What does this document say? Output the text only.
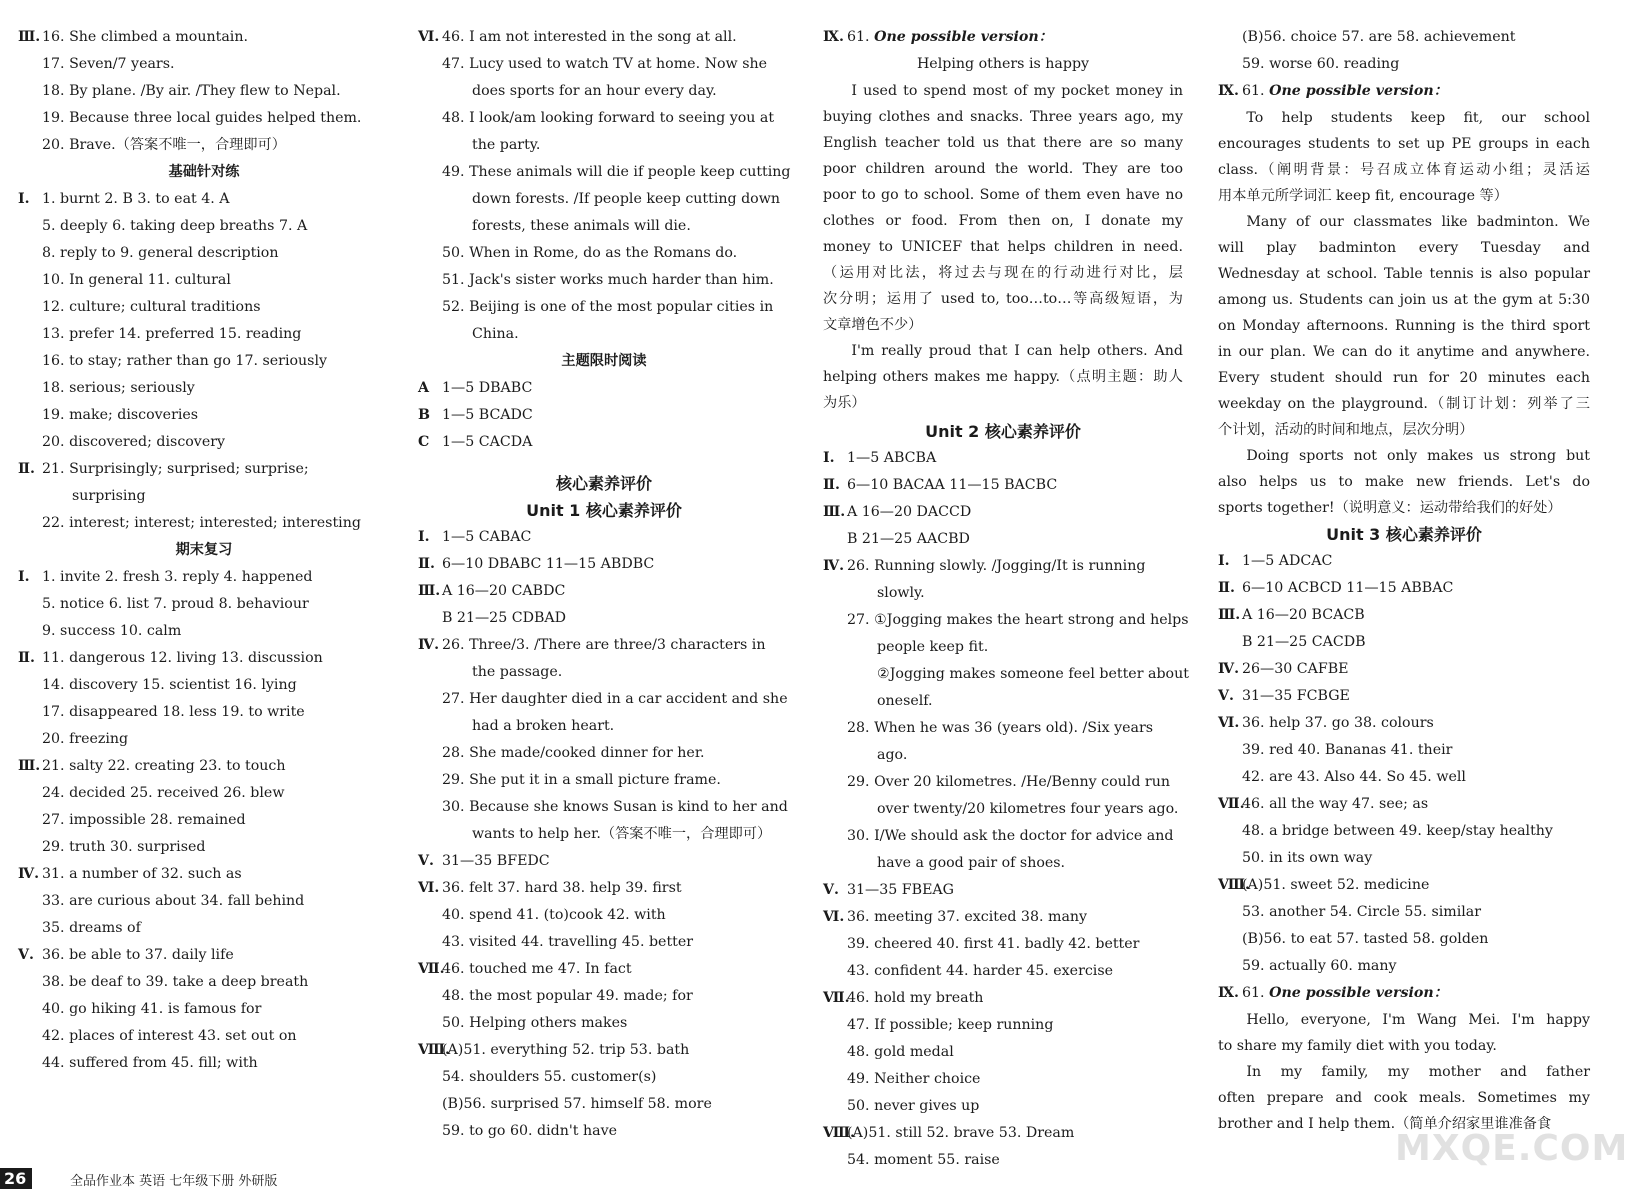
Ⅲ. 16. She climbed a mountain.
17. Seven/7 years.
18. By plane. /By air. /They flew to Nepal.
19. Because three local guides helped them.
20. Brave.（答案不唯一，合理即可）
基础针对练
Ⅰ. 1. burnt 2. B 3. to eat 4. A
5. deeply 6. taking deep breaths 7. A
8. reply to 9. general description
10. In general 11. cultural
12. culture; cultural traditions
13. prefer 14. preferred 15. reading
16. to stay; rather than go 17. seriously
18. serious; seriously
19. make; discoveries
20. discovered; discovery
Ⅱ. 21. Surprisingly; surprised; surprise;
surprising
22. interest; interest; interested; interesting
期末复习
Ⅰ. 1. invite 2. fresh 3. reply 4. happened
5. notice 6. list 7. proud 8. behaviour
9. success 10. calm
Ⅱ. 11. dangerous 12. living 13. discussion
14. discovery 15. scientist 16. lying
17. disappeared 18. less 19. to write
20. freezing
Ⅲ. 21. salty 22. creating 23. to touch
24. decided 25. received 26. blew
27. impossible 28. remained
29. truth 30. surprised
Ⅳ. 31. a number of 32. such as
33. are curious about 34. fall behind
35. dreams of
Ⅴ. 36. be able to 37. daily life
38. be deaf to 39. take a deep breath
40. go hiking 41. is famous for
42. places of interest 43. set out on
44. suffered from 45. fill; with
Ⅵ. 46. I am not interested in the song at all.
47. Lucy used to watch TV at home. Now she
does sports for an hour every day.
48. I look/am looking forward to seeing you at
the party.
49. These animals will die if people keep cutting
down forests. /If people keep cutting down
forests, these animals will die.
50. When in Rome, do as the Romans do.
51. Jack's sister works much harder than him.
52. Beijing is one of the most popular cities in
China.
主题限时阅读
A 1—5 DBABC
B 1—5 BCADC
C 1—5 CACDA
核心素养评价
Unit 1 核心素养评价
Ⅰ. 1—5 CABAC
Ⅱ. 6—10 DBABC 11—15 ABDBC
Ⅲ. A 16—20 CABDC
B 21—25 CDBAD
Ⅳ. 26. Three/3. /There are three/3 characters in
the passage.
27. Her daughter died in a car accident and she
had a broken heart.
28. She made/cooked dinner for her.
29. She put it in a small picture frame.
30. Because she knows Susan is kind to her and
wants to help her.（答案不唯一，合理即可）
Ⅴ. 31—35 BFEDC
Ⅵ. 36. felt 37. hard 38. help 39. first
40. spend 41. (to)cook 42. with
43. visited 44. travelling 45. better
Ⅶ.
46. touched me 47. In fact
48. the most popular 49. made; for
50. Helping others makes
Ⅷ.
(A)51. everything 52. trip 53. bath
54. shoulders 55. customer(s)
(B)56. surprised 57. himself 58. more
59. to go 60. didn't have
Ⅸ. 61. One possible version：
Helping others is happy
I used to spend most of my pocket money in
buying clothes and snacks. Three years ago, my
English teacher told us that there are so many
poor children around the world. They are too
poor to go to school. Some of them even have no
clothes or food. From then on, I donate my
money to UNICEF that helps children in need.
（运用对比法，将过去与现在的行动进行对比，层
次分明；运用了 used to, too…to…等高级短语，为
文章增色不少）
I'm really proud that I can help others. And
helping others makes me happy.（点明主题：助人
为乐）
Unit 2 核心素养评价
Ⅰ. 1—5 ABCBA
Ⅱ. 6—10 BACAA 11—15 BACBC
Ⅲ. A 16—20 DACCD
B 21—25 AACBD
Ⅳ. 26. Running slowly. /Jogging/It is running
slowly.
27. ①Jogging makes the heart strong and helps
people keep fit.
②Jogging makes someone feel better about
oneself.
28. When he was 36 (years old). /Six years
ago.
29. Over 20 kilometres. /He/Benny could run
over twenty/20 kilometres four years ago.
30. I/We should ask the doctor for advice and
have a good pair of shoes.
Ⅴ. 31—35 FBEAG
Ⅵ. 36. meeting 37. excited 38. many
39. cheered 40. first 41. badly 42. better
43. confident 44. harder 45. exercise
Ⅶ.
46. hold my breath
47. If possible; keep running
48. gold medal
49. Neither choice
50. never gives up
Ⅷ.
(A)51. still 52. brave 53. Dream
54. moment 55. raise
(B)56. choice 57. are 58. achievement
59. worse 60. reading
Ⅸ. 61. One possible version：
To help students keep fit, our school
encourages students to set up PE groups in each
class.（阐明背景：号召成立体育运动小组；灵活运
用本单元所学词汇 keep fit, encourage 等）
Many of our classmates like badminton. We
will play badminton every Tuesday and
Wednesday at school. Table tennis is also popular
among us. Students can join us at the gym at 5:30
on Monday afternoons. Running is the third sport
in our plan. We can do it anytime and anywhere.
Every student should run for 20 minutes each
weekday on the playground.（制订计划：列举了三
个计划，活动的时间和地点，层次分明）
Doing sports not only makes us strong but
also helps us to make new friends. Let's do
sports together!（说明意义：运动带给我们的好处）
Unit 3 核心素养评价
Ⅰ. 1—5 ADCAC
Ⅱ. 6—10 ACBCD 11—15 ABBAC
Ⅲ. A 16—20 BCACB
B 21—25 CACDB
Ⅳ. 26—30 CAFBE
Ⅴ. 31—35 FCBGE
Ⅵ. 36. help 37. go 38. colours
39. red 40. Bananas 41. their
42. are 43. Also 44. So 45. well
Ⅶ.
46. all the way 47. see; as
48. a bridge between 49. keep/stay healthy
50. in its own way
Ⅷ.
(A)51. sweet 52. medicine
53. another 54. Circle 55. similar
(B)56. to eat 57. tasted 58. golden
59. actually 60. many
Ⅸ. 61. One possible version：
Hello, everyone, I'm Wang Mei. I'm happy
to share my family diet with you today.
In my family, my mother and father
often prepare and cook meals. Sometimes my
brother and I help them.（简单介绍家里谁准备食
26	全品作业本 英语 七年级下册 外研版
MXQE.COM
